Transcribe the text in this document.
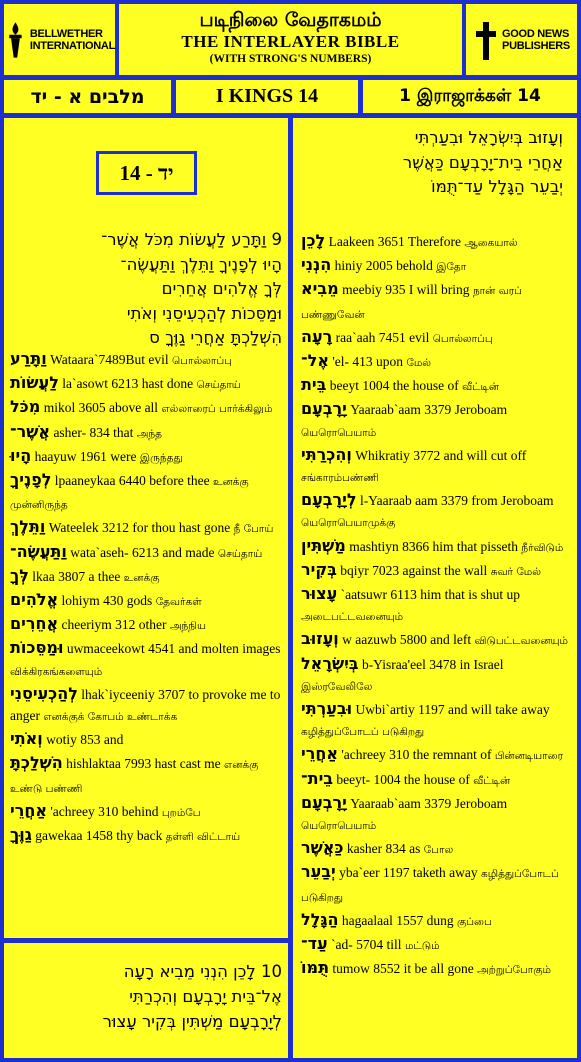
BELLWETHER
INTERNATIONAL
படிநிலை வேதாகமம்
THE INTERLAYER BIBLE
(WITH STRONG'S NUMBERS)
GOOD NEWS
PUBLISHERS
מלבים א - יד	I KINGS 14	1 இராஜாக்கள் 14
14 - יד
9 וַתָּרַע לַעֲשׂוֹת מִכֹּל אֲשֶׁר־
הָיוּ לְפָנֶיךָ וַתֵּלֶךְ וַתַּעֲשֶׂה־
לְּךָ אֱלֹהִים אֲחֵרִים
וּמַסֵּכוֹת לְהַכְעִיסֵנִי וְאֹתִי
הִשְׁלַכְתָּ אַחֲרֵי גַוֶּךָ ס
וַתָּרַע Wataara`7489But evil பொல்லாப்பு
לַעֲשׂוֹת la`asowt 6213 hast done செய்தாய்
מִכֹּל mikol 3605 above all எல்லாரைப் பார்க்கிலும்
אֲשֶׁר־ asher- 834 that அந்த
הָיוּ haayuw 1961 were இருந்தது
לְפָנֶיךָ lpaaneykaa 6440 before thee உனக்கு முன்னிருந்த
וַתֵּלֶךְ Wateelek 3212 for thou hast gone நீ போய்
וַתַּעֲשֶׂה־ wata`aseh- 6213 and made செய்தாய்
לְּךָ lkaa 3807 a thee உனக்கு
אֱלֹהִים lohiym 430 gods தேவர்கள்
אֲחֵרִים cheeriym 312 other அந்நிய
וּמַסֵּכוֹת uwmaceekowt 4541 and molten images விக்கிரகங்களையும்
לְהַכְעִיסֵנִי lhak`iyceeniy 3707 to provoke me to anger எனக்குக் கோபம் உண்டாக்க
וְאֹתִי wotiy 853 and
הִשְׁלַכְתָּ hishlaktaa 7993 hast cast me எனக்கு உண்டு பண்ணி
אַחֲרֵי 'achreey 310 behind புறம்பே
גַוֶּךָ gawekaa 1458 thy back தள்ளி விட்டாய்
10 לָכֵן הִנְנִי מֵבִיא רָעָה
אֶל־בֵּית יָרָבְעָם וְהִכְרַתִּי
לְיָרָבְעָם מַשְׁתִּין בְּקִיר עָצוּר
וְעָזוּב בְּיִשְׂרָאֵל וּבִעַרְתִּי
אַחֲרֵי בֵית־יָרָבְעָם כַּאֲשֶׁר
יְבַעֵר הַגָּלָל עַד־תֻּמּוֹ
לָכֵן Laakeen 3651 Therefore ஆகையால்
הִנְנִי hiniy 2005 behold இதோ
מֵבִיא meebiy 935 I will bring நான் வரப் பண்ணுவேன்
רָעָה raa`aah 7451 evil பொல்லாப்பு
אֶל־ 'el- 413 upon மேல்
בֵּית beeyt 1004 the house of வீட்டின்
יָרָבְעָם Yaaraab`aam 3379 Jeroboam யெரொபெயாம்
וְהִכְרַתִּי Whikratiy 3772 and will cut off சங்காரம்பண்ணி
לְיָרָבְעָם l-Yaaraab aam 3379 from Jeroboam யெரொபெயாமுக்கு
מַשְׁתִּין mashtiyn 8366 him that pisseth நீர்விடும்
בְּקִיר bqiyr 7023 against the wall சுவர் மேல்
עָצוּר `aatsuwr 6113 him that is shut up அடைபட்டவனையும்
וְעָזוּב w aazuwb 5800 and left விடுபட்டவனையும்
בְּיִשְׂרָאֵל b-Yisraa'eel 3478 in Israel இஸ்ரவேலிலே
וּבִעַרְתִּי Uwbi`artiy 1197 and will take away கழித்துப்போடப் படுகிறது
אַחֲרֵי 'achreey 310 the remnant of பின்னடியாரை
בֵית־ beeyt- 1004 the house of வீட்டின்
יָרָבְעָם Yaaraab`aam 3379 Jeroboam யெரொபெயாம்
כַּאֲשֶׁר kasher 834 as போல
יְבַעֵר yba`eer 1197 taketh away கழித்துப்போடப் படுகிறது
הַגָּלָל hagaalaal 1557 dung குப்பை
עַד־ `ad- 5704 till மட்டும்
תֻּמּוֹ tumow 8552 it be all gone அற்றுப்போகும்
